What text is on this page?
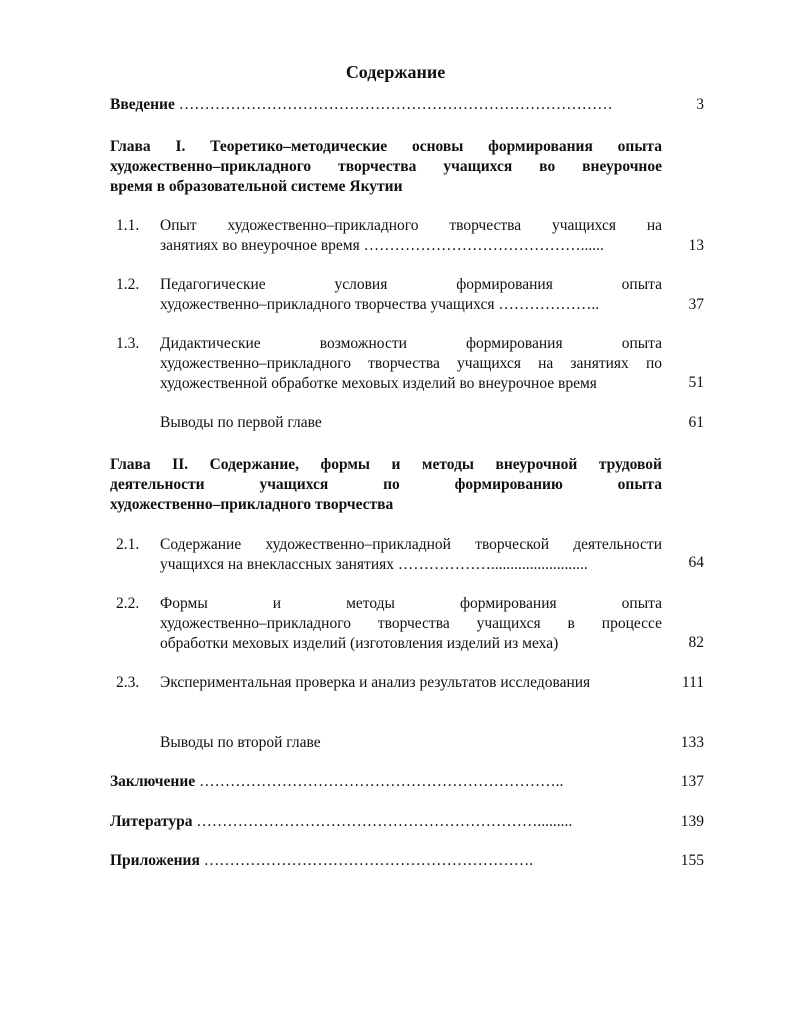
Содержание
Введение …………………………………………………………………………	3
Глава I. Теоретико–методические основы формирования опыта
художественно–прикладного творчества учащихся во внеурочное
время в образовательной системе Якутии
1.1. Опыт художественно–прикладного творчества учащихся на
занятиях во внеурочное время ……………………………………......	13
1.2. Педагогические условия формирования опыта
художественно–прикладного творчества учащихся ………………..	37
1.3. Дидактические возможности формирования опыта
художественно–прикладного творчества учащихся на занятиях по
художественной обработке меховых изделий во внеурочное время	51
Выводы по первой главе	61
Глава II. Содержание, формы и методы внеурочной трудовой
деятельности учащихся по формированию опыта
художественно–прикладного творчества
2.1. Содержание художественно–прикладной творческой деятельности
учащихся на внеклассных занятиях ……………….........................	64
2.2. Формы и методы формирования опыта
художественно–прикладного творчества учащихся в процессе
обработки меховых изделий (изготовления изделий из меха)	82
2.3. Экспериментальная проверка и анализ результатов исследования	111
Выводы по второй главе	133
Заключение ……………………………………………………………..	137
Литература ………………………………………………………….........	139
Приложения ……………………………………………………….	155
